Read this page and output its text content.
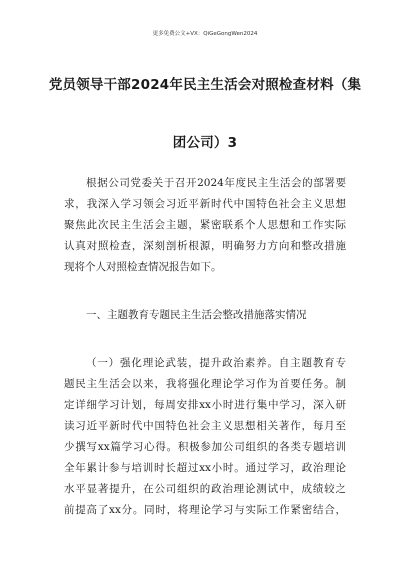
更多免费公文+VX：QiGeGongWen2024
党员领导干部2024年民主生活会对照检查材料（集
团公司）3
根据公司党委关于召开2024年度民主生活会的部署要
求，我深入学习领会习近平新时代中国特色社会主义思想
聚焦此次民主生活会主题，紧密联系个人思想和工作实际
认真对照检查，深刻剖析根源，明确努力方向和整改措施
现将个人对照检查情况报告如下。
一、主题教育专题民主生活会整改措施落实情况
（一）强化理论武装，提升政治素养。自主题教育专
题民主生活会以来，我将强化理论学习作为首要任务。制
定详细学习计划，每周安排xx小时进行集中学习，深入研
读习近平新时代中国特色社会主义思想相关著作，每月至
少撰写xx篇学习心得。积极参加公司组织的各类专题培训
全年累计参与培训时长超过xx小时。通过学习，政治理论
水平显著提升，在公司组织的政治理论测试中，成绩较之
前提高了xx分。同时，将理论学习与实际工作紧密结合，
